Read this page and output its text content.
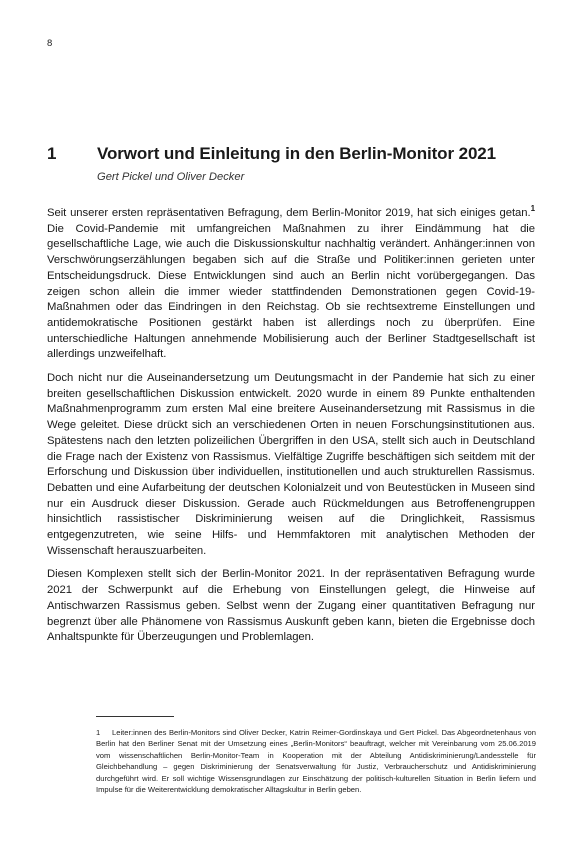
8
1	Vorwort und Einleitung in den Berlin-Monitor 2021
Gert Pickel und Oliver Decker

Seit unserer ersten repräsentativen Befragung, dem Berlin-Monitor 2019, hat sich einiges getan.$^1$ Die Covid-Pandemie mit umfangreichen Maßnahmen zu ihrer Eindämmung hat die gesellschaftliche Lage, wie auch die Diskussionskultur nachhaltig verändert. Anhänger:innen von Verschwörungserzählungen begaben sich auf die Straße und Politiker:innen gerieten unter Entscheidungsdruck. Diese Entwicklungen sind auch an Berlin nicht vorübergegangen. Das zeigen schon allein die immer wieder stattfindenden Demonstrationen gegen Covid-19-Maßnahmen oder das Eindringen in den Reichstag. Ob sie rechtsextreme Einstellungen und antidemokratische Positionen gestärkt haben ist allerdings noch zu überprüfen. Eine unterschiedliche Haltungen annehmende Mobilisierung auch der Berliner Stadtgesellschaft ist allerdings unzweifelhaft.

Doch nicht nur die Auseinandersetzung um Deutungsmacht in der Pandemie hat sich zu einer breiten gesellschaftlichen Diskussion entwickelt. 2020 wurde in einem 89 Punkte enthaltenden Maßnahmenprogramm zum ersten Mal eine breitere Auseinandersetzung mit Rassismus in die Wege geleitet. Diese drückt sich an verschiedenen Orten in neuen Forschungsinstitutionen aus. Spätestens nach den letzten polizeilichen Übergriffen in den USA, stellt sich auch in Deutschland die Frage nach der Existenz von Rassismus. Vielfältige Zugriffe beschäftigen sich seitdem mit der Erforschung und Diskussion über individuellen, institutionellen und auch strukturellen Rassismus. Debatten und eine Aufarbeitung der deutschen Kolonialzeit und von Beutestücken in Museen sind nur ein Ausdruck dieser Diskussion. Gerade auch Rückmeldungen aus Betroffenengruppen hinsichtlich rassistischer Diskriminierung weisen auf die Dringlichkeit, Rassismus entgegenzutreten, wie seine Hilfs- und Hemmfaktoren mit analytischen Methoden der Wissenschaft herauszuarbeiten.

Diesen Komplexen stellt sich der Berlin-Monitor 2021. In der repräsentativen Befragung wurde 2021 der Schwerpunkt auf die Erhebung von Einstellungen gelegt, die Hinweise auf Antischwarzen Rassismus geben. Selbst wenn der Zugang einer quantitativen Befragung nur begrenzt über alle Phänomene von Rassismus Auskunft geben kann, bieten die Ergebnisse doch Anhaltspunkte für Überzeugungen und Problemlagen.

1 Leiter:innen des Berlin-Monitors sind Oliver Decker, Katrin Reimer-Gordinskaya und Gert Pickel. Das Abgeordnetenhaus von Berlin hat den Berliner Senat mit der Umsetzung eines „Berlin-Monitors“ beauftragt, welcher mit Vereinbarung vom 25.06.2019 vom wissenschaftlichen Berlin-Monitor-Team in Kooperation mit der Abteilung Antidiskriminierung/Landesstelle für Gleichbehandlung – gegen Diskriminierung der Senatsverwaltung für Justiz, Verbraucherschutz und Antidiskriminierung durchgeführt wird. Er soll wichtige Wissensgrundlagen zur Einschätzung der politisch-kulturellen Situation in Berlin liefern und Impulse für die Weiterentwicklung demokratischer Alltagskultur in Berlin geben.
